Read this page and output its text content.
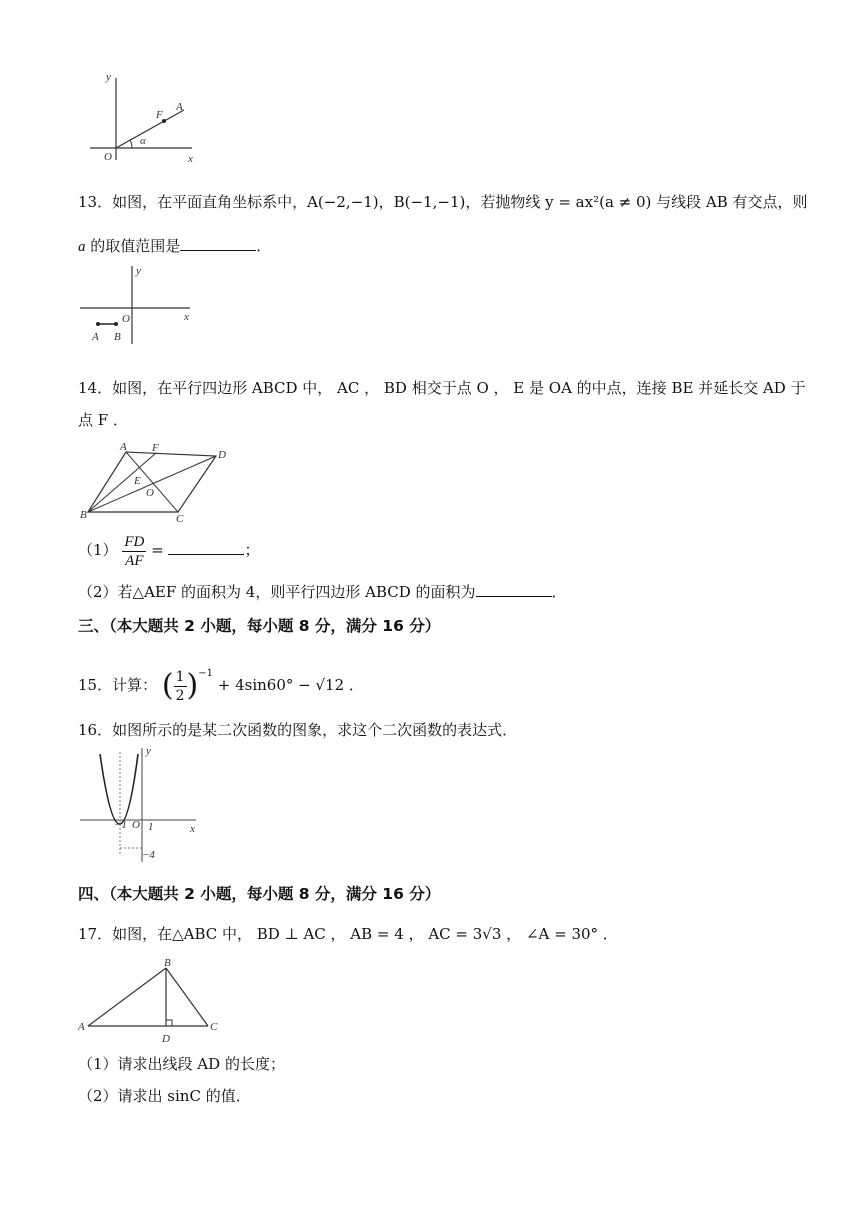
y
O	x
A
F
α
13．如图，在平面直角坐标系中，A(−2,−1)，B(−1,−1)，若抛物线 y = ax²(a ≠ 0) 与线段 AB 有交点，则
a 的取值范围是	．
y
x
O
A B
14．如图，在平行四边形 ABCD 中， AC ， BD 相交于点 O ， E 是 OA 的中点，连接 BE 并延长交 AD 于
点 F ．
A F
D
E
O
B	C
$(1) \frac{FD}{AF}$ =	；
（2）若△AEF 的面积为 4，则平行四边形 ABCD 的面积为	．
三、（本大题共 2 小题，每小题 8 分，满分 16 分）
15．计算： ( $\frac{1}{2} )^{-1} + 4\sin 60^\circ - √12$ ．
16．如图所示的是某二次函数的图象，求这个二次函数的表达式．
y
x
−1 O 1
−4
四、（本大题共 2 小题，每小题 8 分，满分 16 分）
17．如图，在△ABC 中， BD ⊥ AC ， AB = 4 ， AC = 3√3 ， ∠A = 30° ．
A
B
C
D
（1）请求出线段 AD 的长度；
（2）请求出 sinC 的值．
